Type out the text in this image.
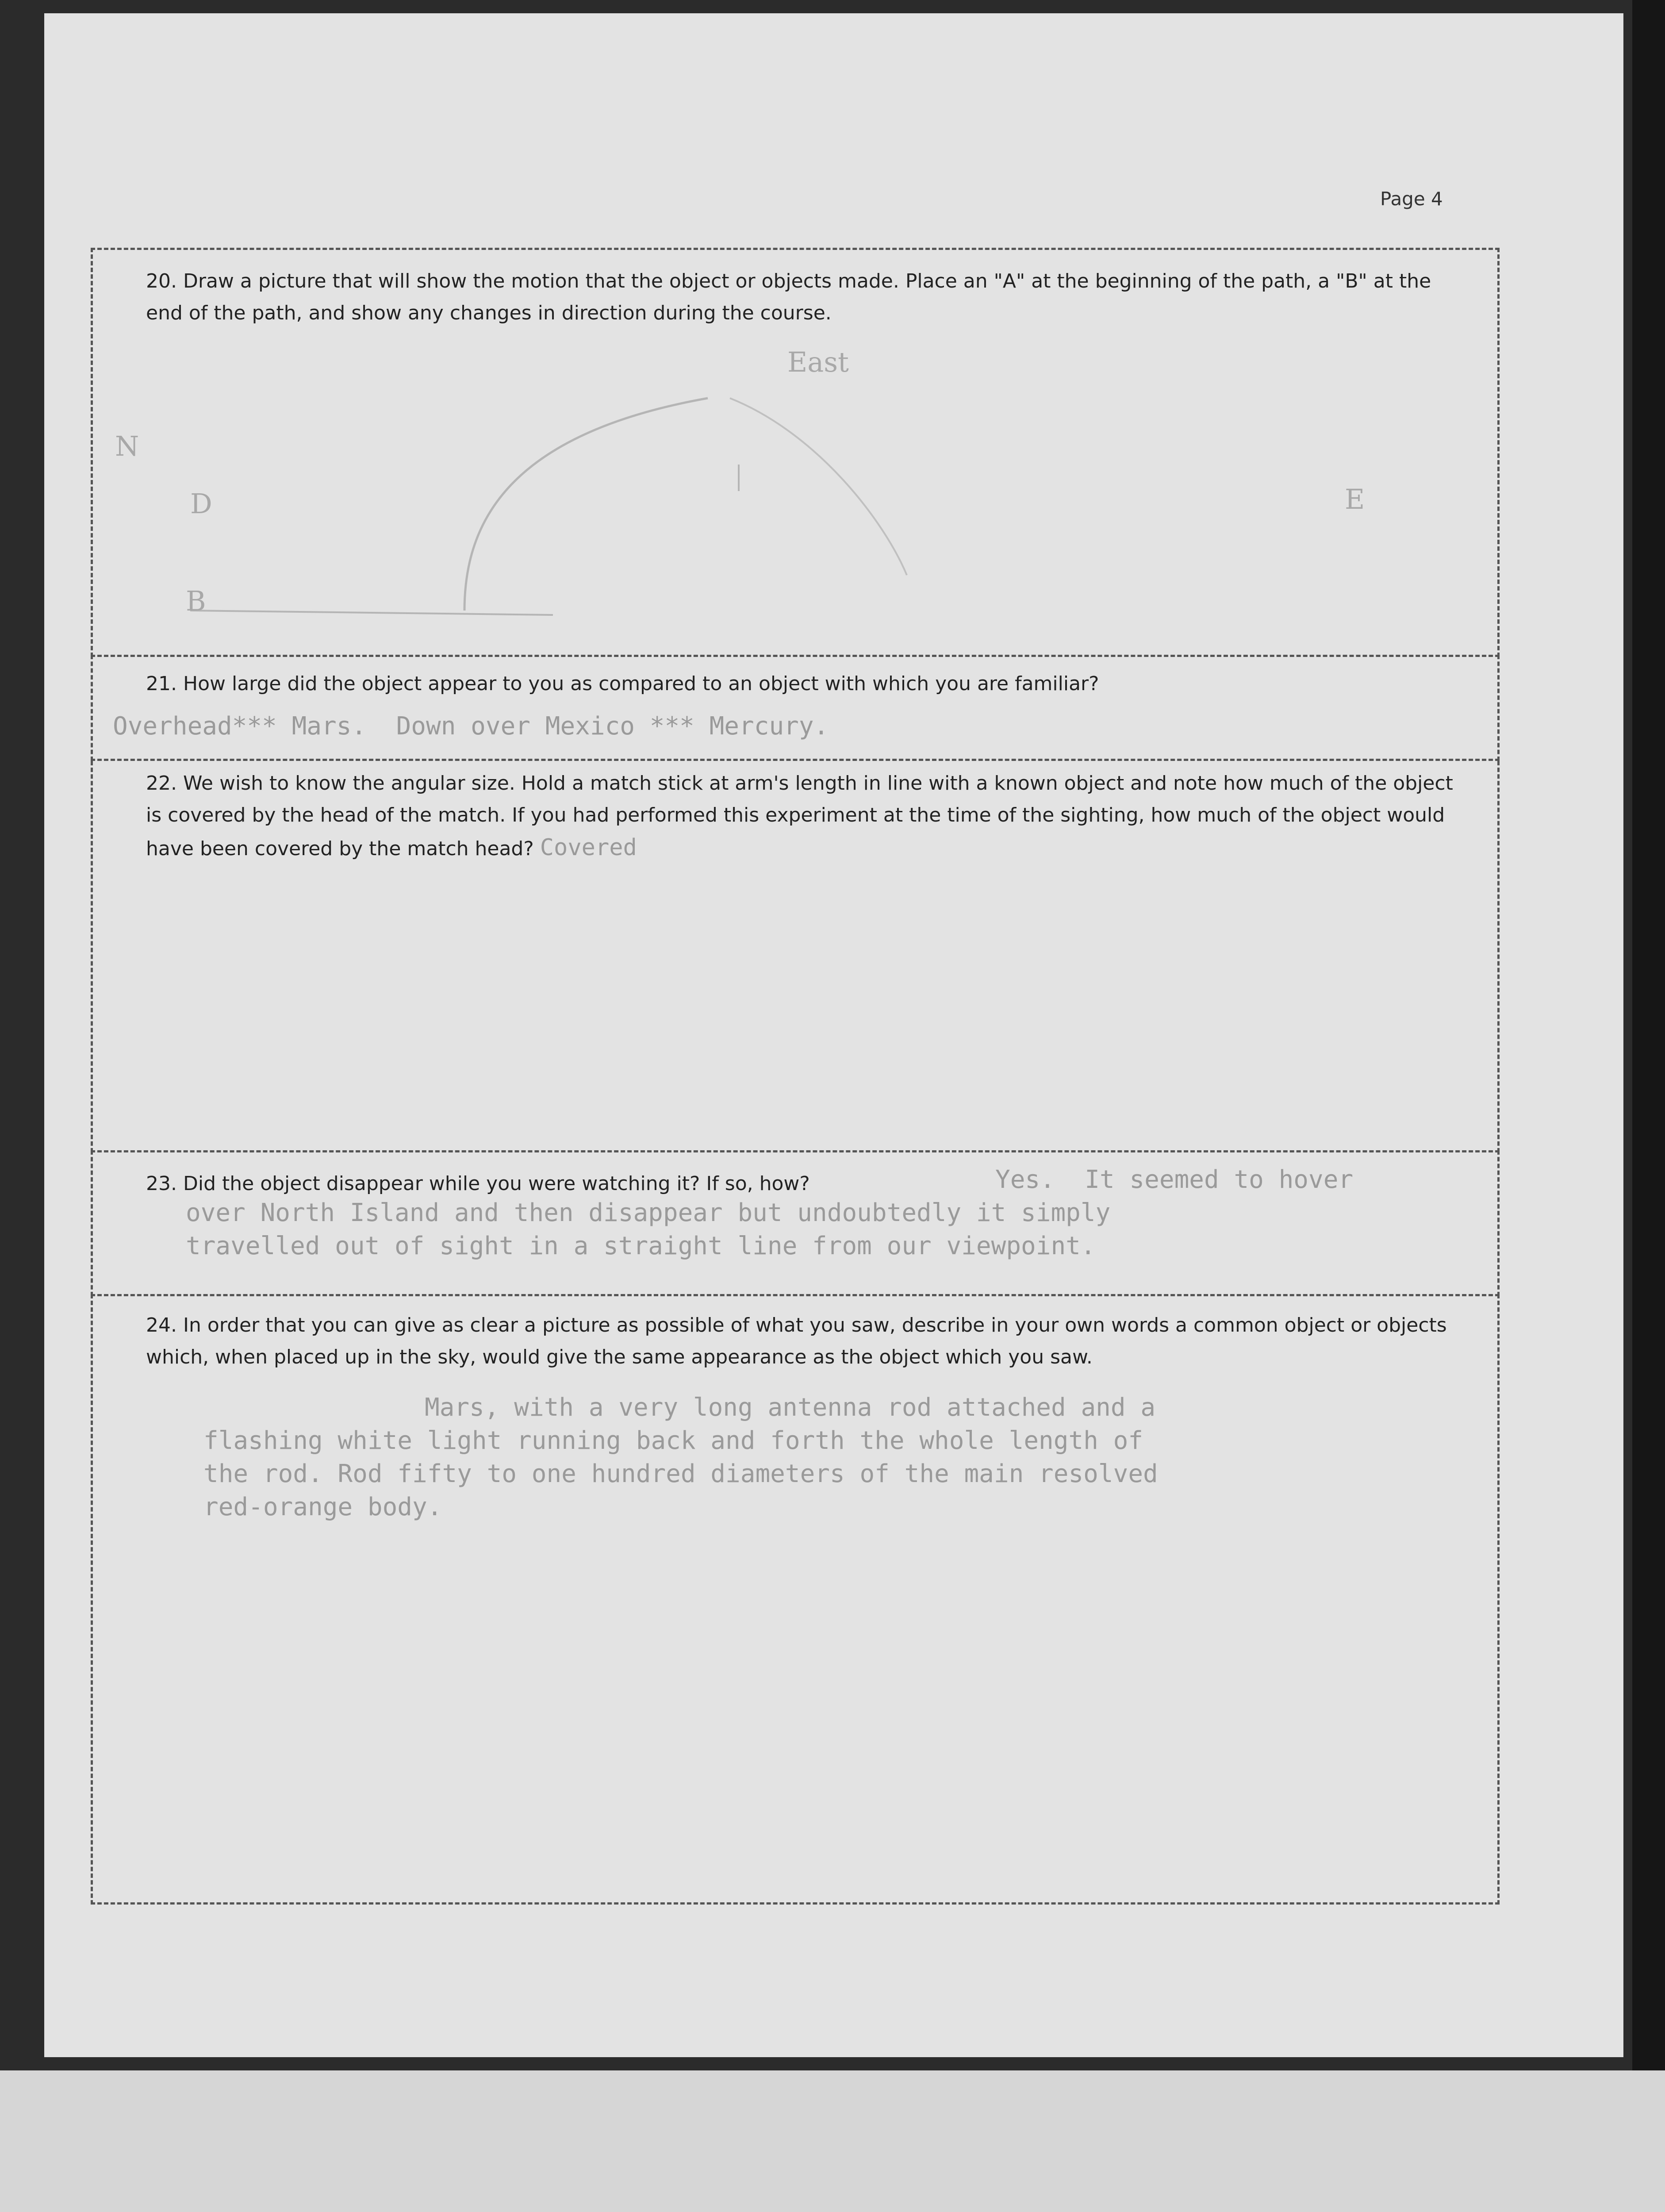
Page 4
20. Draw a picture that will show the motion that the object or objects made. Place an "A" at the beginning of the path, a "B" at the end of the path, and show any changes in direction during the course.
East
N
D
B
E
21. How large did the object appear to you as compared to an object with which you are familiar?
Overhead*** Mars.  Down over Mexico *** Mercury.
22. We wish to know the angular size. Hold a match stick at arm's length in line with a known object and note how much of the object is covered by the head of the match. If you had performed this experiment at the time of the sighting, how much of the object would have been covered by the match head? Covered
23. Did the object disappear while you were watching it? If so, how?	Yes.  It seemed to hover
over North Island and then disappear but undoubtedly it simply
travelled out of sight in a straight line from our viewpoint.
24. In order that you can give as clear a picture as possible of what you saw, describe in your own words a common object or objects which, when placed up in the sky, would give the same appearance as the object which you saw.
Mars, with a very long antenna rod attached and a
flashing white light running back and forth the whole length of
the rod. Rod fifty to one hundred diameters of the main resolved
red-orange body.
